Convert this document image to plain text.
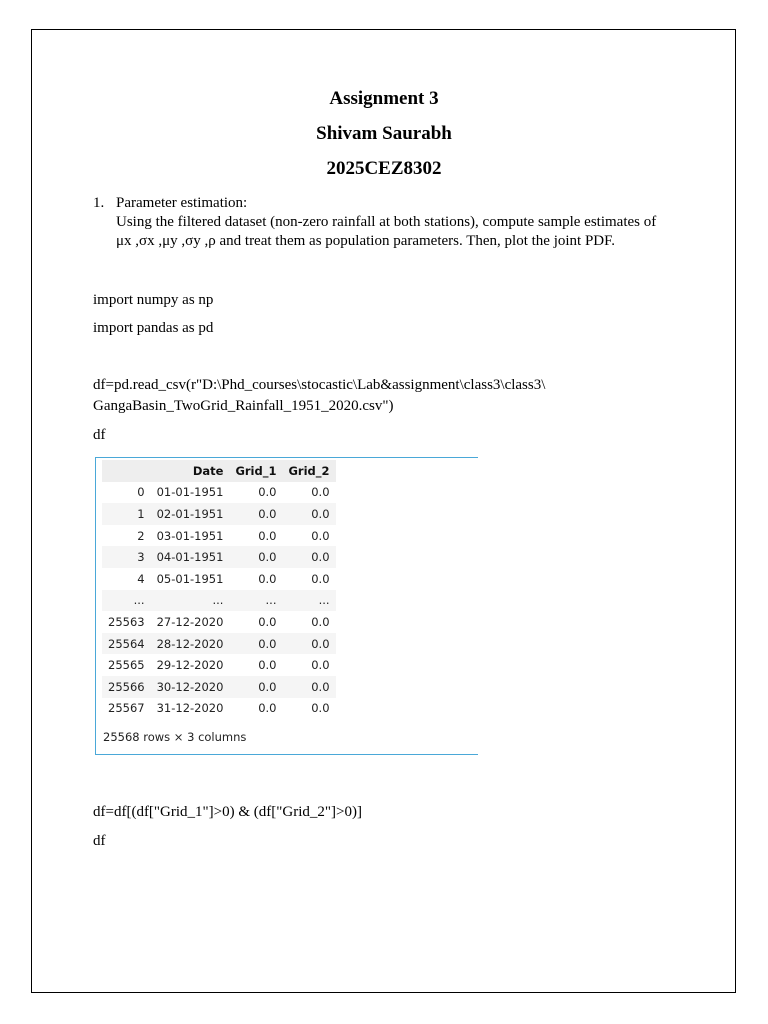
Assignment 3
Shivam Saurabh
2025CEZ8302
1. Parameter estimation:
Using the filtered dataset (non-zero rainfall at both stations), compute sample estimates of
μx ,σx ,μy ,σy ,ρ and treat them as population parameters. Then, plot the joint PDF.
import numpy as np
import pandas as pd
df=pd.read_csv(r"D:\Phd_courses\stocastic\Lab&assignment\class3\class3\
GangaBasin_TwoGrid_Rainfall_1951_2020.csv")
df
	Date	Grid_1	Grid_2
0	01-01-1951	0.0	0.0
1	02-01-1951	0.0	0.0
2	03-01-1951	0.0	0.0
3	04-01-1951	0.0	0.0
4	05-01-1951	0.0	0.0
...	...	...	...
25563	27-12-2020	0.0	0.0
25564	28-12-2020	0.0	0.0
25565	29-12-2020	0.0	0.0
25566	30-12-2020	0.0	0.0
25567	31-12-2020	0.0	0.0
25568 rows × 3 columns
df=df[(df["Grid_1"]>0) & (df["Grid_2"]>0)]
df
